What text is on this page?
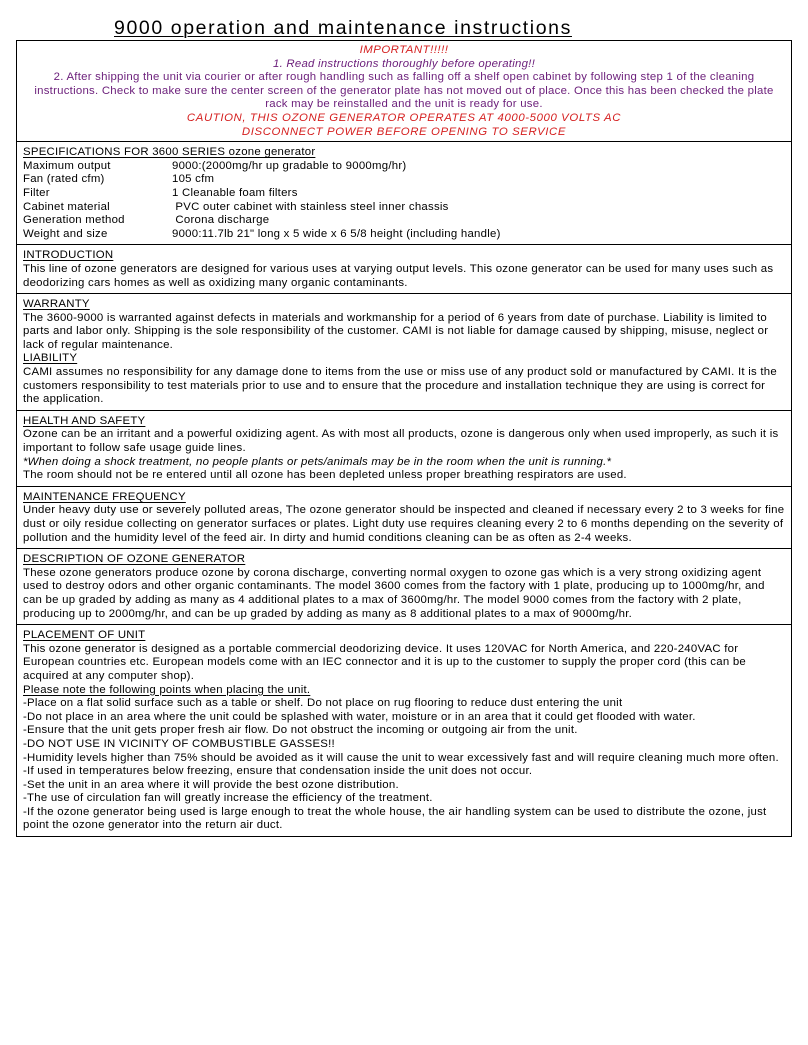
9000 operation and maintenance instructions
IMPORTANT!!!!!
1. Read instructions thoroughly before operating!!
2. After shipping the unit via courier or after rough handling such as falling off a shelf open cabinet by following step 1 of the cleaning instructions. Check to make sure the center screen of the generator plate has not moved out of place. Once this has been checked the plate rack may be reinstalled and the unit is ready for use.
CAUTION, THIS OZONE GENERATOR OPERATES AT 4000-5000 VOLTS AC
DISCONNECT POWER BEFORE OPENING TO SERVICE
SPECIFICATIONS FOR 3600 SERIES ozone generator
Maximum output	9000:(2000mg/hr up gradable to 9000mg/hr)
Fan (rated cfm)	105 cfm
Filter	1 Cleanable foam filters
Cabinet material	PVC outer cabinet with stainless steel inner chassis
Generation method	Corona discharge
Weight and size	9000:11.7lb 21" long x 5 wide x 6 5/8 height (including handle)
INTRODUCTION
This line of ozone generators are designed for various uses at varying output levels. This ozone generator can be used for many uses such as deodorizing cars homes as well as oxidizing many organic contaminants.
WARRANTY
The 3600-9000 is warranted against defects in materials and workmanship for a period of 6 years from date of purchase. Liability is limited to parts and labor only. Shipping is the sole responsibility of the customer. CAMI is not liable for damage caused by shipping, misuse, neglect or lack of regular maintenance.
LIABILITY
CAMI assumes no responsibility for any damage done to items from the use or miss use of any product sold or manufactured by CAMI. It is the customers responsibility to test materials prior to use and to ensure that the procedure and installation technique they are using is correct for the application.
HEALTH AND SAFETY
Ozone can be an irritant and a powerful oxidizing agent. As with most all products, ozone is dangerous only when used improperly, as such it is important to follow safe usage guide lines.
*When doing a shock treatment, no people plants or pets/animals may be in the room when the unit is running.*
The room should not be re entered until all ozone has been depleted unless proper breathing respirators are used.
MAINTENANCE FREQUENCY
Under heavy duty use or severely polluted areas, The ozone generator should be inspected and cleaned if necessary every 2 to 3 weeks for fine dust or oily residue collecting on generator surfaces or plates. Light duty use requires cleaning every 2 to 6 months depending on the severity of pollution and the humidity level of the feed air. In dirty and humid conditions cleaning can be as often as 2-4 weeks.
DESCRIPTION OF OZONE GENERATOR
These ozone generators produce ozone by corona discharge, converting normal oxygen to ozone gas which is a very strong oxidizing agent used to destroy odors and other organic contaminants. The model 3600 comes from the factory with 1 plate, producing up to 1000mg/hr, and can be up graded by adding as many as 4 additional plates to a max of 3600mg/hr. The model 9000 comes from the factory with 2 plate, producing up to 2000mg/hr, and can be up graded by adding as many as 8 additional plates to a max of 9000mg/hr.
PLACEMENT OF UNIT
This ozone generator is designed as a portable commercial deodorizing device. It uses 120VAC for North America, and 220-240VAC for European countries etc. European models come with an IEC connector and it is up to the customer to supply the proper cord (this can be acquired at any computer shop).
Please note the following points when placing the unit.
-Place on a flat solid surface such as a table or shelf. Do not place on rug flooring to reduce dust entering the unit
-Do not place in an area where the unit could be splashed with water, moisture or in an area that it could get flooded with water.
-Ensure that the unit gets proper fresh air flow. Do not obstruct the incoming or outgoing air from the unit.
-DO NOT USE IN VICINITY OF COMBUSTIBLE GASSES!!
-Humidity levels higher than 75% should be avoided as it will cause the unit to wear excessively fast and will require cleaning much more often.
-If used in temperatures below freezing, ensure that condensation inside the unit does not occur.
-Set the unit in an area where it will provide the best ozone distribution.
-The use of circulation fan will greatly increase the efficiency of the treatment.
-If the ozone generator being used is large enough to treat the whole house, the air handling system can be used to distribute the ozone, just point the ozone generator into the return air duct.
